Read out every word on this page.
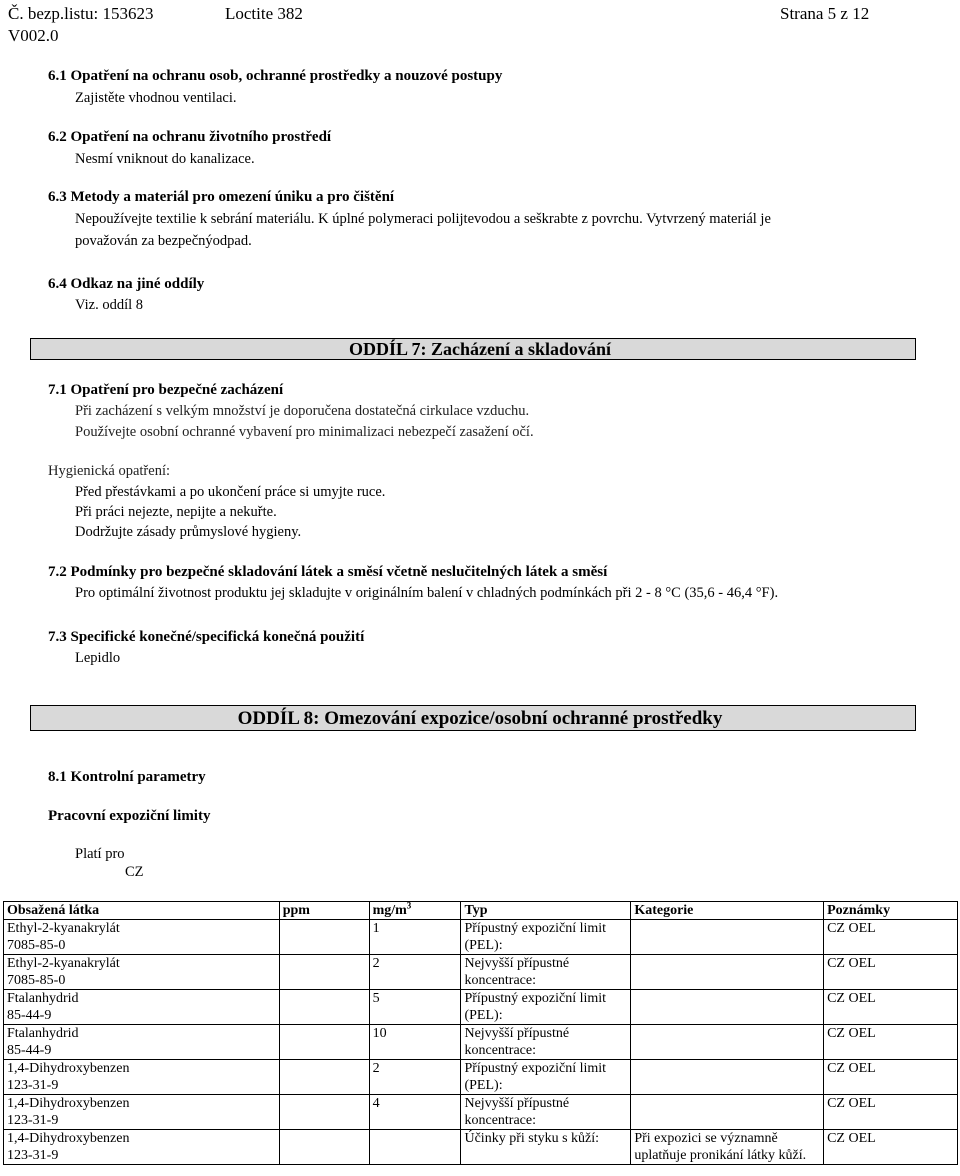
Č. bezp.listu: 153623
V002.0
Loctite 382	Strana 5 z 12
6.1 Opatření na ochranu osob, ochranné prostředky a nouzové postupy
Zajistěte vhodnou ventilaci.
6.2 Opatření na ochranu životního prostředí
Nesmí vniknout do kanalizace.
6.3 Metody a materiál pro omezení úniku a pro čištění
Nepoužívejte textilie k sebrání materiálu. K úplné polymeraci polijtevodou a seškrabte z povrchu. Vytvrzený materiál je
považován za bezpečnýodpad.
6.4 Odkaz na jiné oddíly
Viz. oddíl 8
ODDÍL 7: Zacházení a skladování
7.1 Opatření pro bezpečné zacházení
Při zacházení s velkým množství je doporučena dostatečná cirkulace vzduchu.
Používejte osobní ochranné vybavení pro minimalizaci nebezpečí zasažení očí.
Hygienická opatření:
Před přestávkami a po ukončení práce si umyjte ruce.
Při práci nejezte, nepijte a nekuřte.
Dodržujte zásady průmyslové hygieny.
7.2 Podmínky pro bezpečné skladování látek a směsí včetně neslučitelných látek a směsí
Pro optimální životnost produktu jej skladujte v originálním balení v chladných podmínkách při 2 - 8 °C (35,6 - 46,4 °F).
7.3 Specifické konečné/specifická konečná použití
Lepidlo
ODDÍL 8: Omezování expozice/osobní ochranné prostředky
8.1 Kontrolní parametry
Pracovní expoziční limity
Platí pro
CZ
Obsažená látka	ppm	$mg/m^3$	Typ	Kategorie	Poznámky

Ethyl-2-kyanakrylát
7085-85-0		1	Přípustný expoziční limit (PEL):		CZ OEL

Ethyl-2-kyanakrylát
7085-85-0		2	Nejvyšší přípustné koncentrace:		CZ OEL

Ftalanhydrid
85-44-9		5	Přípustný expoziční limit (PEL):		CZ OEL

Ftalanhydrid
85-44-9		10	Nejvyšší přípustné koncentrace:		CZ OEL

1,4-Dihydroxybenzen
123-31-9		2	Přípustný expoziční limit (PEL):		CZ OEL

1,4-Dihydroxybenzen
123-31-9		4	Nejvyšší přípustné koncentrace:		CZ OEL

1,4-Dihydroxybenzen
123-31-9			Účinky při styku s kůží:	Při expozici se významně uplatňuje pronikání látky kůží.	CZ OEL
